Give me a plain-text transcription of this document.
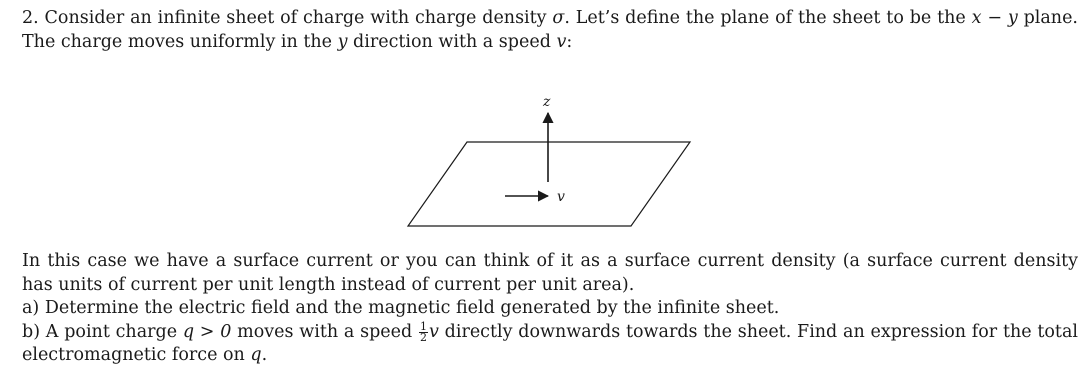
2. Consider an infinite sheet of charge with charge density σ. Let’s define the plane of the sheet to be the x − y plane. The charge moves uniformly in the y direction with a speed v:

z
v

In this case we have a surface current or you can think of it as a surface current density (a surface current density has units of current per unit length instead of current per unit area).

a) Determine the electric field and the magnetic field generated by the infinite sheet.
b) A point charge q > 0 moves with a speed $\frac{1}{2}$ v directly downwards towards the sheet. Find an expression for the total electromagnetic force on q.
